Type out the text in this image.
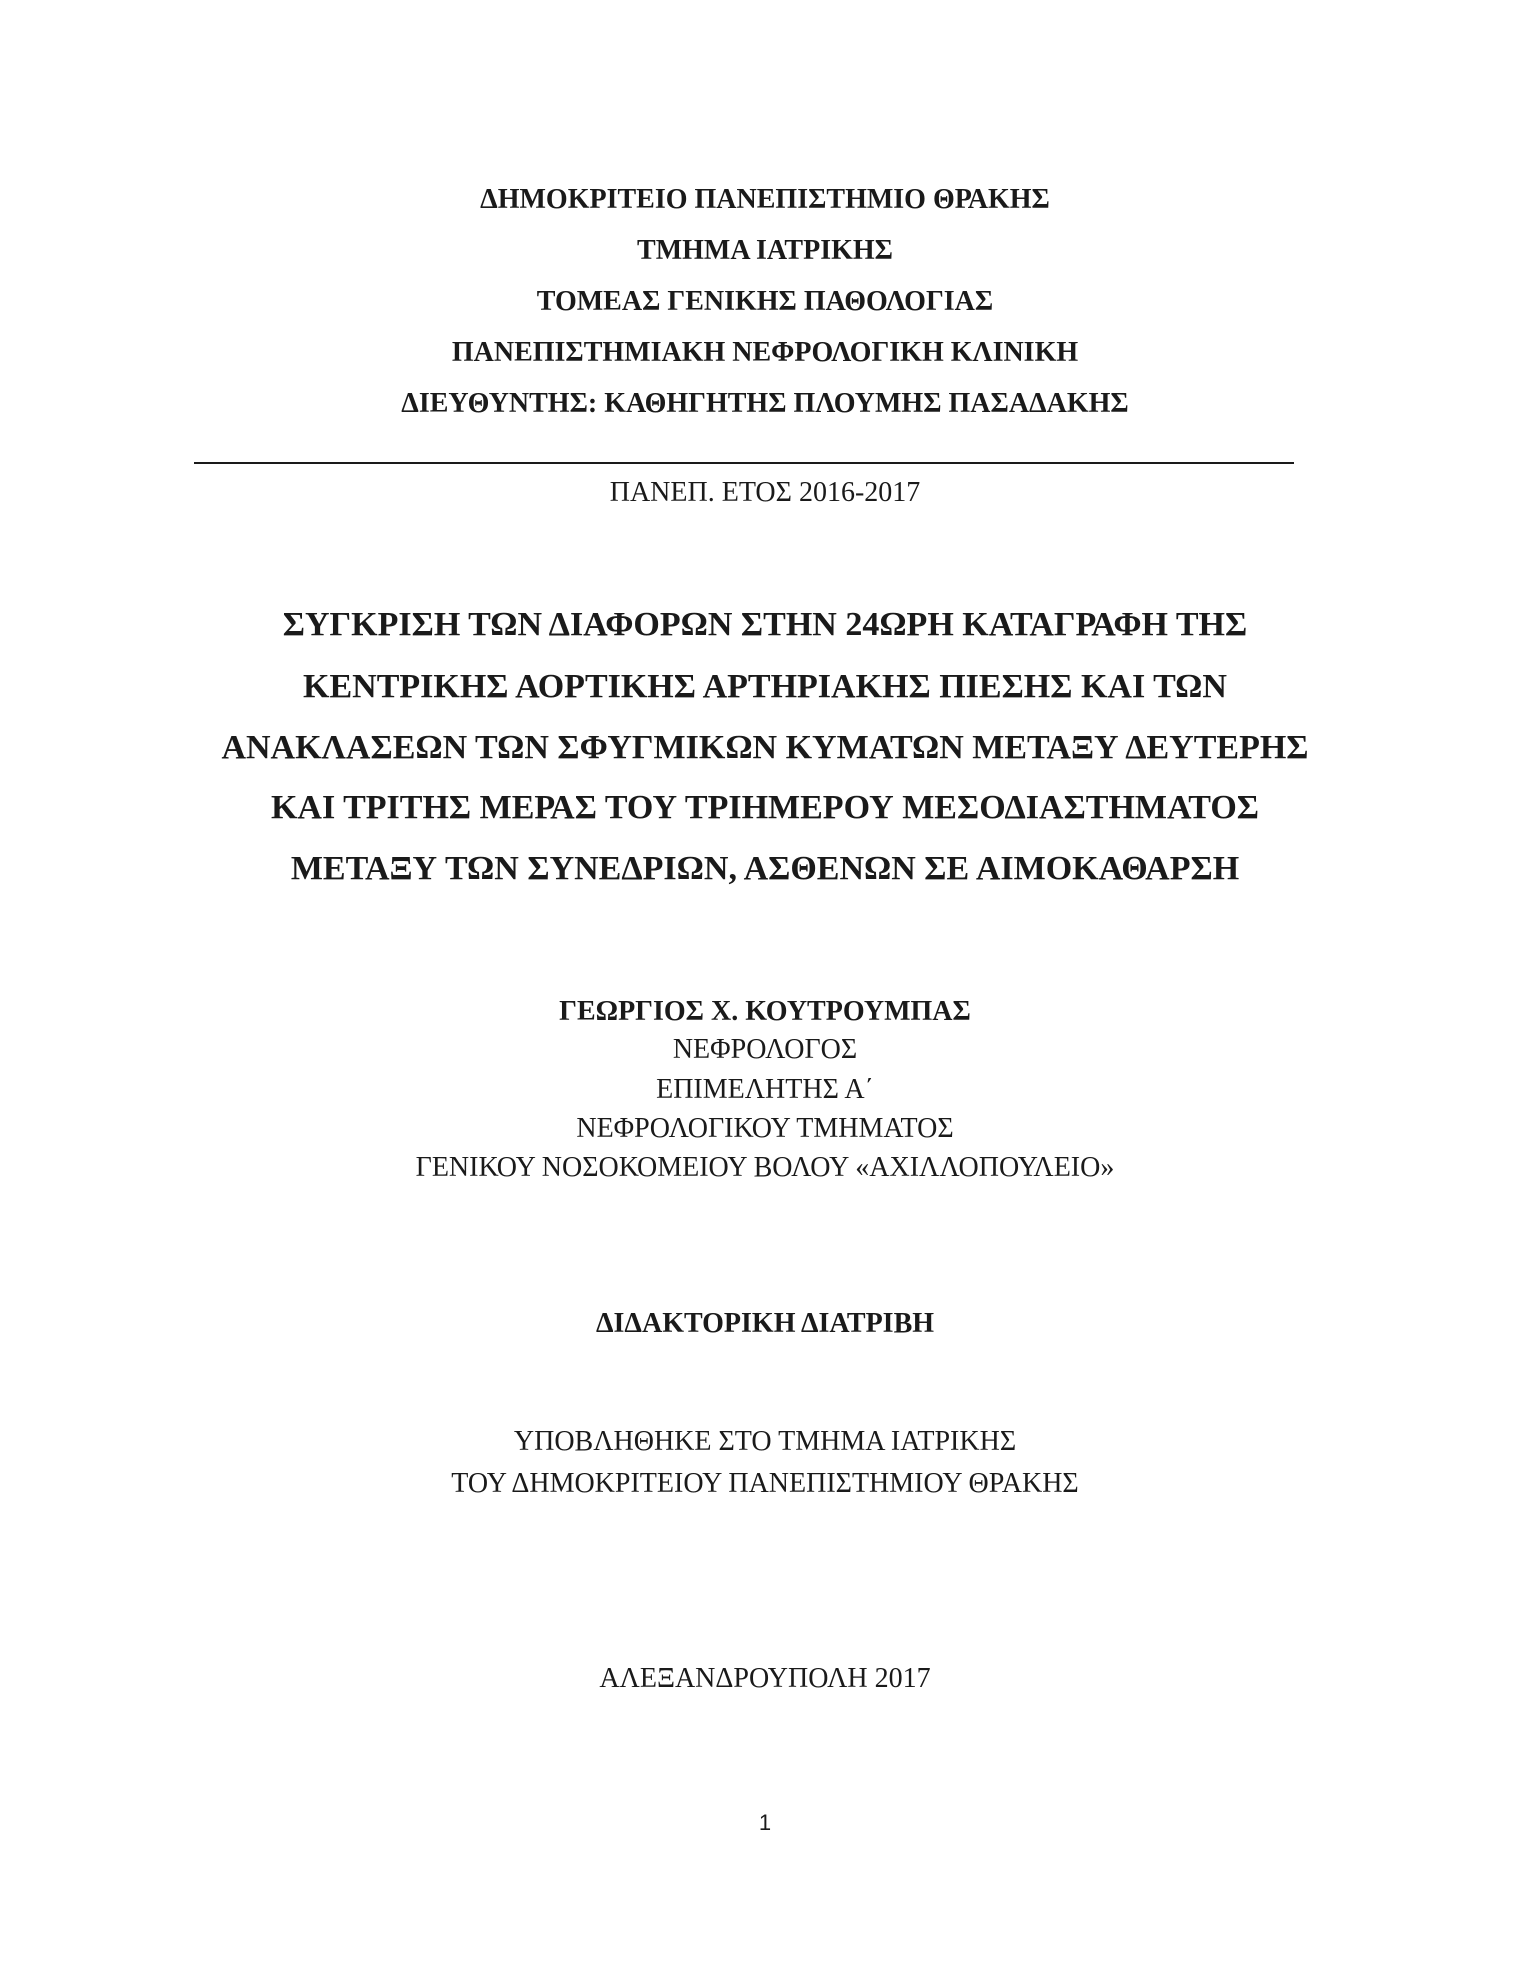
ΔΗΜΟΚΡΙΤΕΙΟ ΠΑΝΕΠΙΣΤΗΜΙΟ ΘΡΑΚΗΣ
ΤΜΗΜΑ ΙΑΤΡΙΚΗΣ
ΤΟΜΕΑΣ ΓΕΝΙΚΗΣ ΠΑΘΟΛΟΓΙΑΣ
ΠΑΝΕΠΙΣΤΗΜΙΑΚΗ ΝΕΦΡΟΛΟΓΙΚΗ ΚΛΙΝΙΚΗ
ΔΙΕΥΘΥΝΤΗΣ: ΚΑΘΗΓΗΤΗΣ ΠΛΟΥΜΗΣ ΠΑΣΑΔΑΚΗΣ
ΠΑΝΕΠ. ΕΤΟΣ 2016-2017
ΣΥΓΚΡΙΣΗ ΤΩΝ ΔΙΑΦΟΡΩΝ ΣΤΗΝ 24ΩΡΗ ΚΑΤΑΓΡΑΦΗ ΤΗΣ
ΚΕΝΤΡΙΚΗΣ ΑΟΡΤΙΚΗΣ ΑΡΤΗΡΙΑΚΗΣ ΠΙΕΣΗΣ ΚΑΙ ΤΩΝ
ΑΝΑΚΛΑΣΕΩΝ ΤΩΝ ΣΦΥΓΜΙΚΩΝ ΚΥΜΑΤΩΝ ΜΕΤΑΞΥ ΔΕΥΤΕΡΗΣ
ΚΑΙ ΤΡΙΤΗΣ ΜΕΡΑΣ ΤΟΥ ΤΡΙΗΜΕΡΟΥ ΜΕΣΟΔΙΑΣΤΗΜΑΤΟΣ
ΜΕΤΑΞΥ ΤΩΝ ΣΥΝΕΔΡΙΩΝ, ΑΣΘΕΝΩΝ ΣΕ ΑΙΜΟΚΑΘΑΡΣΗ
ΓΕΩΡΓΙΟΣ Χ. ΚΟΥΤΡΟΥΜΠΑΣ
ΝΕΦΡΟΛΟΓΟΣ
ΕΠΙΜΕΛΗΤΗΣ Α΄
ΝΕΦΡΟΛΟΓΙΚΟΥ ΤΜΗΜΑΤΟΣ
ΓΕΝΙΚΟΥ ΝΟΣΟΚΟΜΕΙΟΥ ΒΟΛΟΥ «ΑΧΙΛΛΟΠΟΥΛΕΙΟ»
ΔΙΔΑΚΤΟΡΙΚΗ ΔΙΑΤΡΙΒΗ
ΥΠΟΒΛΗΘΗΚΕ ΣΤΟ ΤΜΗΜΑ ΙΑΤΡΙΚΗΣ
ΤΟΥ ΔΗΜΟΚΡΙΤΕΙΟΥ ΠΑΝΕΠΙΣΤΗΜΙΟΥ ΘΡΑΚΗΣ
ΑΛΕΞΑΝΔΡΟΥΠΟΛΗ 2017
1
